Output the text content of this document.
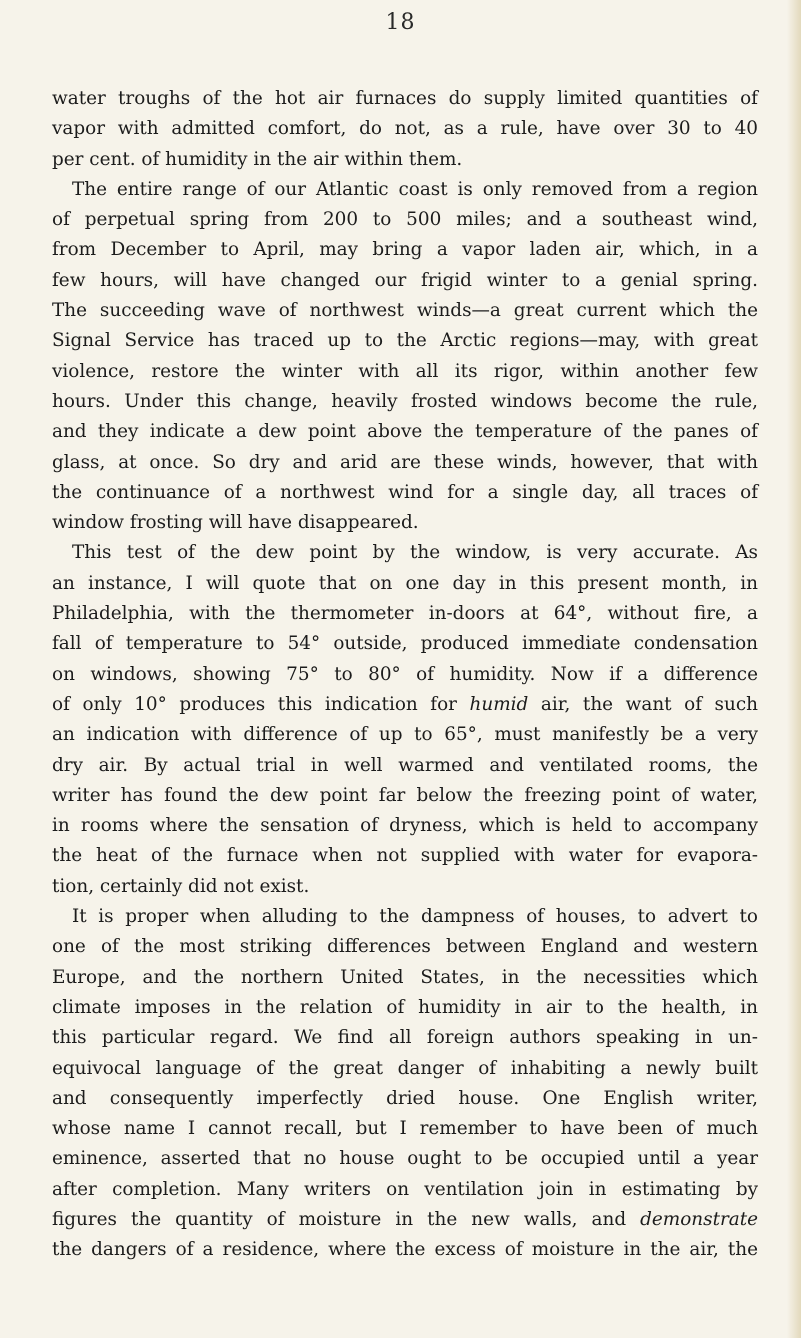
18
water troughs of the hot air furnaces do supply limited quantities of
vapor with admitted comfort, do not, as a rule, have over 30 to 40
per cent. of humidity in the air within them.
The entire range of our Atlantic coast is only removed from a region
of perpetual spring from 200 to 500 miles; and a southeast wind,
from December to April, may bring a vapor laden air, which, in a
few hours, will have changed our frigid winter to a genial spring.
The succeeding wave of northwest winds—a great current which the
Signal Service has traced up to the Arctic regions—may, with great
violence, restore the winter with all its rigor, within another few
hours. Under this change, heavily frosted windows become the rule,
and they indicate a dew point above the temperature of the panes of
glass, at once. So dry and arid are these winds, however, that with
the continuance of a northwest wind for a single day, all traces of
window frosting will have disappeared.
This test of the dew point by the window, is very accurate. As
an instance, I will quote that on one day in this present month, in
Philadelphia, with the thermometer in-doors at 64°, without fire, a
fall of temperature to 54° outside, produced immediate condensation
on windows, showing 75° to 80° of humidity. Now if a difference
of only 10° produces this indication for humid air, the want of such
an indication with difference of up to 65°, must manifestly be a very
dry air. By actual trial in well warmed and ventilated rooms, the
writer has found the dew point far below the freezing point of water,
in rooms where the sensation of dryness, which is held to accompany
the heat of the furnace when not supplied with water for evapora-
tion, certainly did not exist.
It is proper when alluding to the dampness of houses, to advert to
one of the most striking differences between England and western
Europe, and the northern United States, in the necessities which
climate imposes in the relation of humidity in air to the health, in
this particular regard. We find all foreign authors speaking in un-
equivocal language of the great danger of inhabiting a newly built
and consequently imperfectly dried house. One English writer,
whose name I cannot recall, but I remember to have been of much
eminence, asserted that no house ought to be occupied until a year
after completion. Many writers on ventilation join in estimating by
figures the quantity of moisture in the new walls, and demonstrate
the dangers of a residence, where the excess of moisture in the air, the
